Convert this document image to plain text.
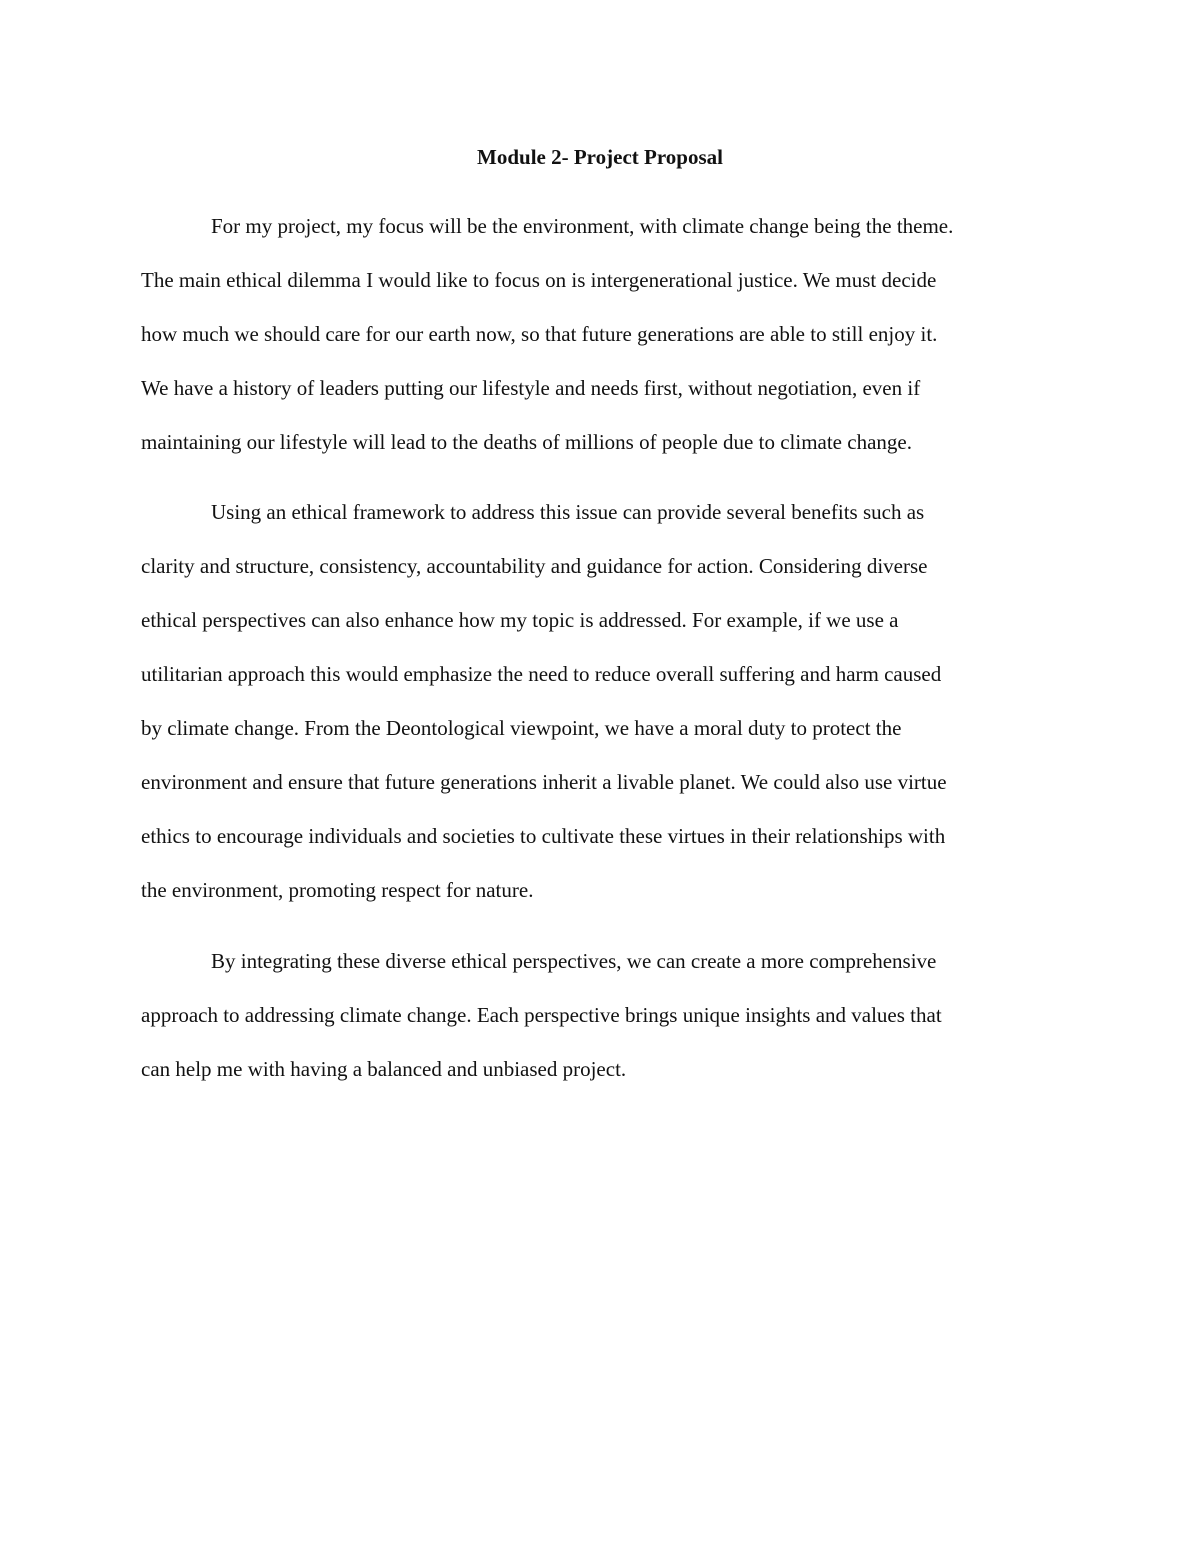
Module 2- Project Proposal

For my project, my focus will be the environment, with climate change being the theme.

The main ethical dilemma I would like to focus on is intergenerational justice. We must decide

how much we should care for our earth now, so that future generations are able to still enjoy it.

We have a history of leaders putting our lifestyle and needs first, without negotiation, even if

maintaining our lifestyle will lead to the deaths of millions of people due to climate change.

Using an ethical framework to address this issue can provide several benefits such as

clarity and structure, consistency, accountability and guidance for action. Considering diverse

ethical perspectives can also enhance how my topic is addressed. For example, if we use a

utilitarian approach this would emphasize the need to reduce overall suffering and harm caused

by climate change. From the Deontological viewpoint, we have a moral duty to protect the

environment and ensure that future generations inherit a livable planet. We could also use virtue

ethics to encourage individuals and societies to cultivate these virtues in their relationships with

the environment, promoting respect for nature.

By integrating these diverse ethical perspectives, we can create a more comprehensive

approach to addressing climate change. Each perspective brings unique insights and values that

can help me with having a balanced and unbiased project.
